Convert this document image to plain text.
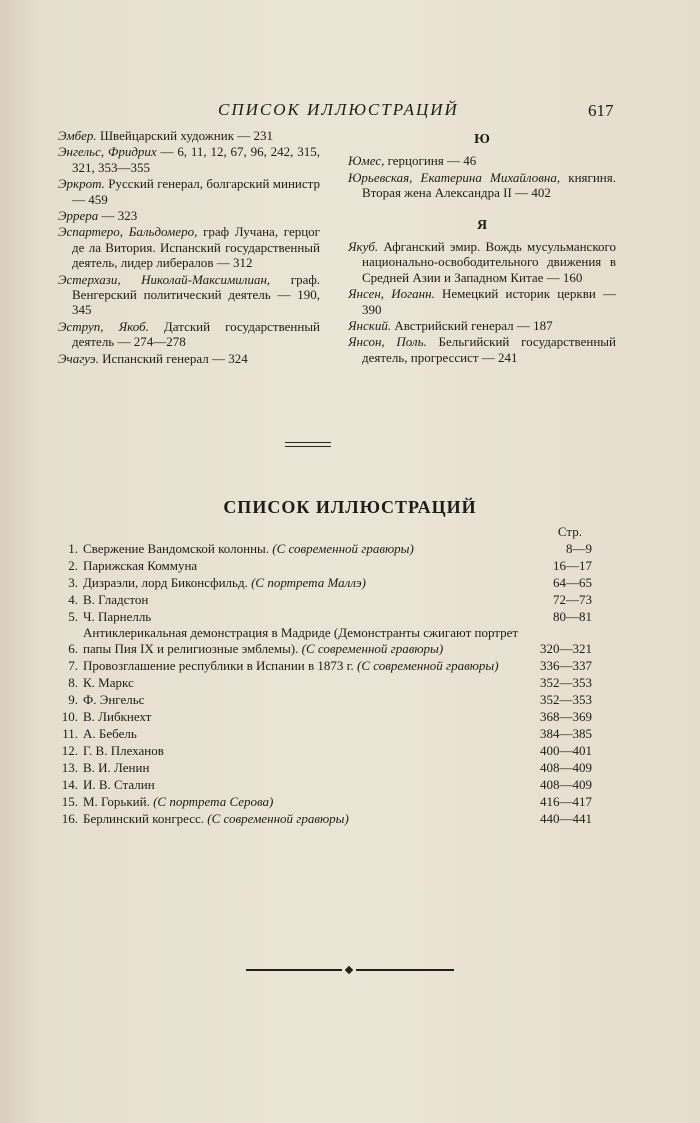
СПИСОК ИЛЛЮСТРАЦИЙ	617
Эмбер. Швейцарский художник — 231
Энгельс, Фридрих — 6, 11, 12, 67, 96, 242, 315, 321, 353—355
Эркрот. Русский генерал, болгарский министр — 459
Эррера — 323
Эспартеро, Бальдомеро, граф Лучана, герцог де ла Витория. Испанский государственный деятель, лидер либералов — 312
Эстерхази, Николай-Максимилиан, граф. Венгерский политический деятель — 190, 345
Эструп, Якоб. Датский государственный деятель — 274—278
Эчагуэ. Испанский генерал — 324
Ю
Юмес, герцогиня — 46
Юрьевская, Екатерина Михайловна, княгиня. Вторая жена Александра II — 402
Я
Якуб. Афганский эмир. Вождь мусульманского национально-освободительного движения в Средней Азии и Западном Китае — 160
Янсен, Иоганн. Немецкий историк церкви — 390
Янский. Австрийский генерал — 187
Янсон, Поль. Бельгийский государственный деятель, прогрессист — 241
СПИСОК ИЛЛЮСТРАЦИЙ
Стр.
1. Свержение Вандомской колонны. (С современной гравюры)	8—9
2. Парижская Коммуна	16—17
3. Дизраэли, лорд Биконсфильд. (С портрета Маллэ)	64—65
4. В. Гладстон	72—73
5. Ч. Парнелль	80—81
6.
Антиклерикальная демонстрация в Мадриде (Демонстранты сжигают портрет папы Пия IX и религиозные эмблемы). (С современной гравюры)	320—321
7. Провозглашение республики в Испании в 1873 г. (С современной гравюры)	336—337
8. К. Маркс	352—353
9. Ф. Энгельс	352—353
10. В. Либкнехт	368—369
11. А. Бебель	384—385
12. Г. В. Плеханов	400—401
13. В. И. Ленин	408—409
14. И. В. Сталин	408—409
15. М. Горький. (С портрета Серова)	416—417
16. Берлинский конгресс. (С современной гравюры)	440—441
